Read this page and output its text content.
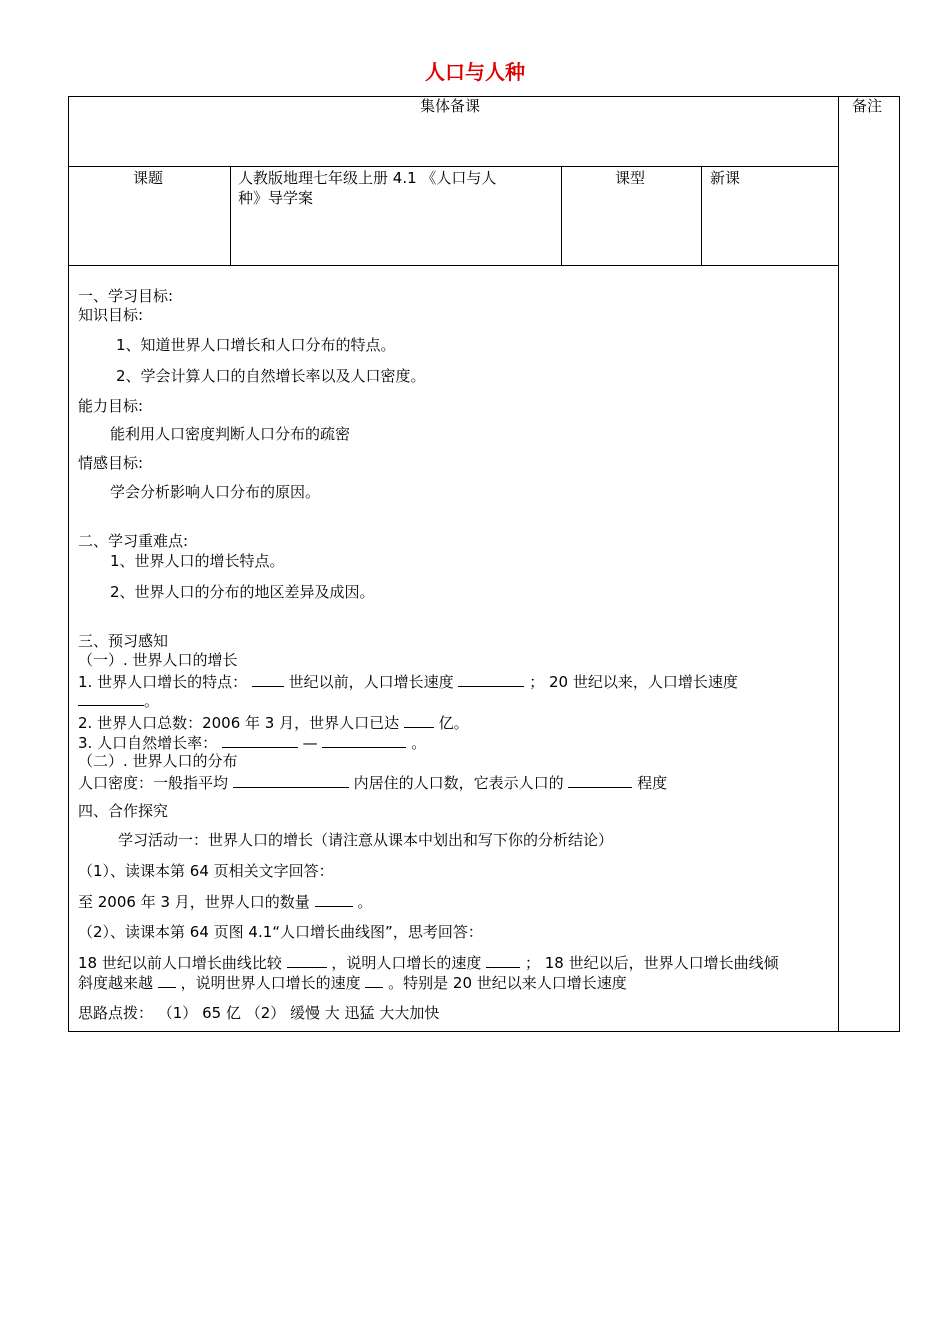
人口与人种
集体备课	备注
课题	人教版地理七年级上册 4.1 《人口与人
种》导学案
课型	新课
一、学习目标:
知识目标:
1、知道世界人口增长和人口分布的特点。
2、学会计算人口的自然增长率以及人口密度。
能力目标:
能利用人口密度判断人口分布的疏密
情感目标:
学会分析影响人口分布的原因。
二、学习重难点:
1、世界人口的增长特点。
2、世界人口的分布的地区差异及成因。
三、预习感知
（一）. 世界人口的增长
1. 世界人口增长的特点：	世纪以前，人口增长速度	； 20 世纪以来，人口增长速度
。
2. 世界人口总数：2006 年 3 月，世界人口已达	亿。
3. 人口自然增长率：	—	。
（二）. 世界人口的分布
人口密度：一般指平均	内居住的人口数，它表示人口的	程度
四、合作探究
学习活动一：世界人口的增长（请注意从课本中划出和写下你的分析结论）
（1）、读课本第 64 页相关文字回答：
至 2006 年 3 月，世界人口的数量	。
（2）、读课本第 64 页图 4.1“人口增长曲线图”，思考回答：
18 世纪以前人口增长曲线比较	，说明人口增长的速度	； 18 世纪以后，世界人口增长曲线倾
斜度越来越 ，说明世界人口增长的速度 。特别是 20 世纪以来人口增长速度
思路点拨： （1） 65 亿 （2） 缓慢 大 迅猛 大大加快
